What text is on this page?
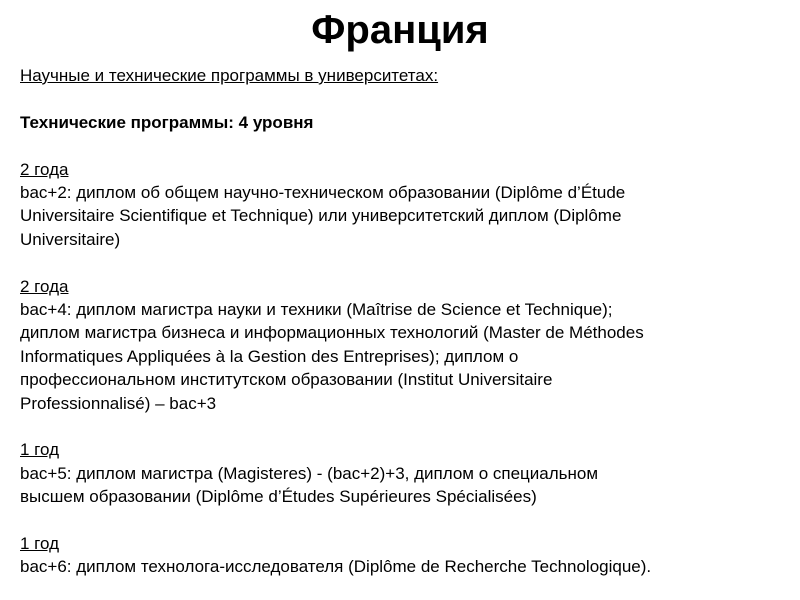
Франция

Научные и технические программы в университетах:

Технические программы: 4 уровня

2 года

bac+2: диплом об общем научно-техническом образовании (Diplôme d’Étude

Universitaire Scientifique et Technique) или университетский диплом (Diplôme

Universitaire)

2 года

bac+4: диплом магистра науки и техники (Maîtrise de Science et Technique);

диплом магистра бизнеса и информационных технологий (Master de Méthodes

Informatiques Appliquées à la Gestion des Entreprises); диплом о

профессиональном институтском образовании (Institut Universitaire

Professionnalisé) – bac+3

1 год

bac+5: диплом магистра (Magisteres) - (bac+2)+3, диплом о специальном

высшем образовании (Diplôme d’Études Supérieures Spécialisées)

1 год

bac+6: диплом технолога-исследователя (Diplôme de Recherche Technologique).
